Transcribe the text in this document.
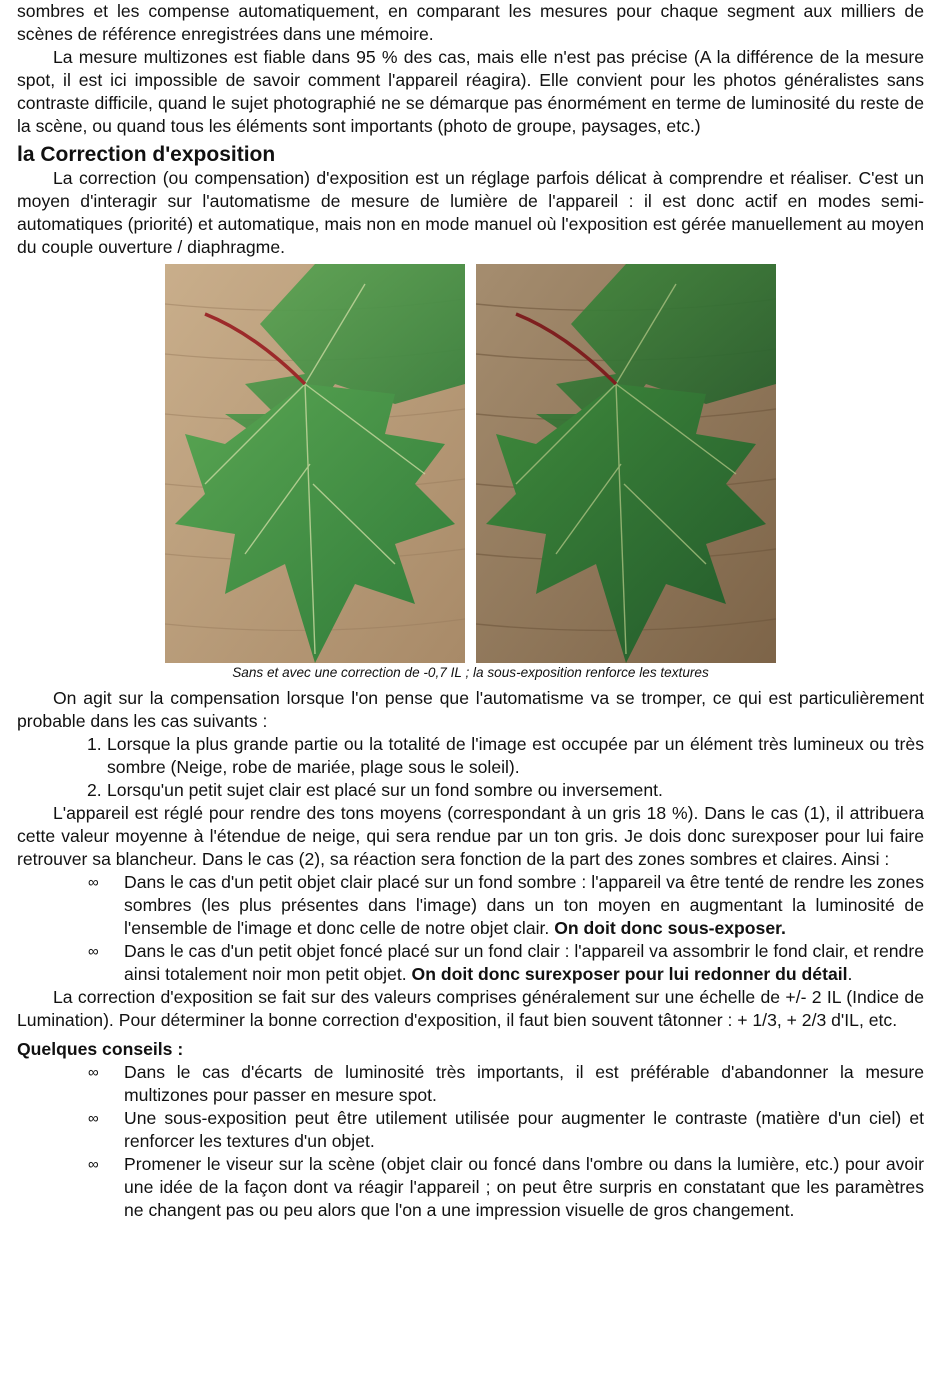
sombres et les compense automatiquement, en comparant les mesures pour chaque segment aux milliers de scènes de référence enregistrées dans une mémoire.

La mesure multizones est fiable dans 95 % des cas, mais elle n'est pas précise (A la différence de la mesure spot, il est ici impossible de savoir comment l'appareil réagira). Elle convient pour les photos généralistes sans contraste difficile, quand le sujet photographié ne se démarque pas énormément en terme de luminosité du reste de la scène, ou quand tous les éléments sont importants (photo de groupe, paysages, etc.)

la Correction d'exposition

La correction (ou compensation) d'exposition est un réglage parfois délicat à comprendre et réaliser. C'est un moyen d'interagir sur l'automatisme de mesure de lumière de l'appareil : il est donc actif en modes semi-automatiques (priorité) et automatique, mais non en mode manuel où l'exposition est gérée manuellement au moyen du couple ouverture / diaphragme.

Sans et avec une correction de -0,7 IL ; la sous-exposition renforce les textures

On agit sur la compensation lorsque l'on pense que l'automatisme va se tromper, ce qui est particulièrement probable dans les cas suivants :

1. Lorsque la plus grande partie ou la totalité de l'image est occupée par un élément très lumineux ou très sombre (Neige, robe de mariée, plage sous le soleil).
2. Lorsqu'un petit sujet clair est placé sur un fond sombre ou inversement.

L'appareil est réglé pour rendre des tons moyens (correspondant à un gris 18 %). Dans le cas (1), il attribuera cette valeur moyenne à l'étendue de neige, qui sera rendue par un ton gris. Je dois donc surexposer pour lui faire retrouver sa blancheur. Dans le cas (2), sa réaction sera fonction de la part des zones sombres et claires. Ainsi :

∞ Dans le cas d'un petit objet clair placé sur un fond sombre : l'appareil va être tenté de rendre les zones sombres (les plus présentes dans l'image) dans un ton moyen en augmentant la luminosité de l'ensemble de l'image et donc celle de notre objet clair. On doit donc sous-exposer.
∞ Dans le cas d'un petit objet foncé placé sur un fond clair : l'appareil va assombrir le fond clair, et rendre ainsi totalement noir mon petit objet. On doit donc surexposer pour lui redonner du détail.

La correction d'exposition se fait sur des valeurs comprises généralement sur une échelle de +/- 2 IL (Indice de Lumination). Pour déterminer la bonne correction d'exposition, il faut bien souvent tâtonner : + 1/3, + 2/3 d'IL, etc.

Quelques conseils :

∞ Dans le cas d'écarts de luminosité très importants, il est préférable d'abandonner la mesure multizones pour passer en mesure spot.
∞ Une sous-exposition peut être utilement utilisée pour augmenter le contraste (matière d'un ciel) et renforcer les textures d'un objet.
∞ Promener le viseur sur la scène (objet clair ou foncé dans l'ombre ou dans la lumière, etc.) pour avoir une idée de la façon dont va réagir l'appareil ; on peut être surpris en constatant que les paramètres ne changent pas ou peu alors que l'on a une impression visuelle de gros changement.
